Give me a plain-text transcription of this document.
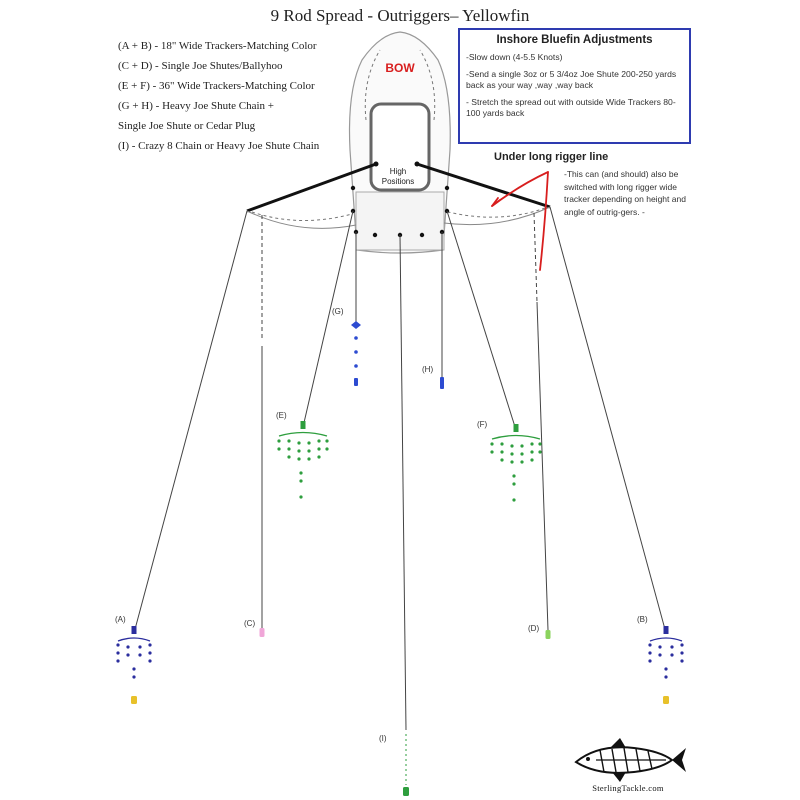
BOW
High
Positions
(A)	(B)
(C)
(D)
(E)
(F)
(G)
(H)
(I)
9 Rod Spread - Outriggers– Yellowfin
(A + B) - 18" Wide Trackers-Matching Color
(C + D) - Single Joe Shutes/Ballyhoo
(E + F) - 36" Wide Trackers-Matching Color
(G + H) - Heavy Joe Shute Chain +
Single Joe Shute or Cedar Plug
(I) - Crazy 8 Chain or Heavy Joe Shute Chain
Inshore Bluefin Adjustments
-Slow down (4-5.5 Knots)
-Send a single 3oz or 5 3/4oz Joe Shute 200-250 yards back as your way ,way ,way back
- Stretch the spread out with outside Wide Trackers 80-100 yards back
Under long rigger line
-This can (and should) also be switched with long rigger wide tracker depending on height and angle of outrig-gers. -
SterlingTackle.com
